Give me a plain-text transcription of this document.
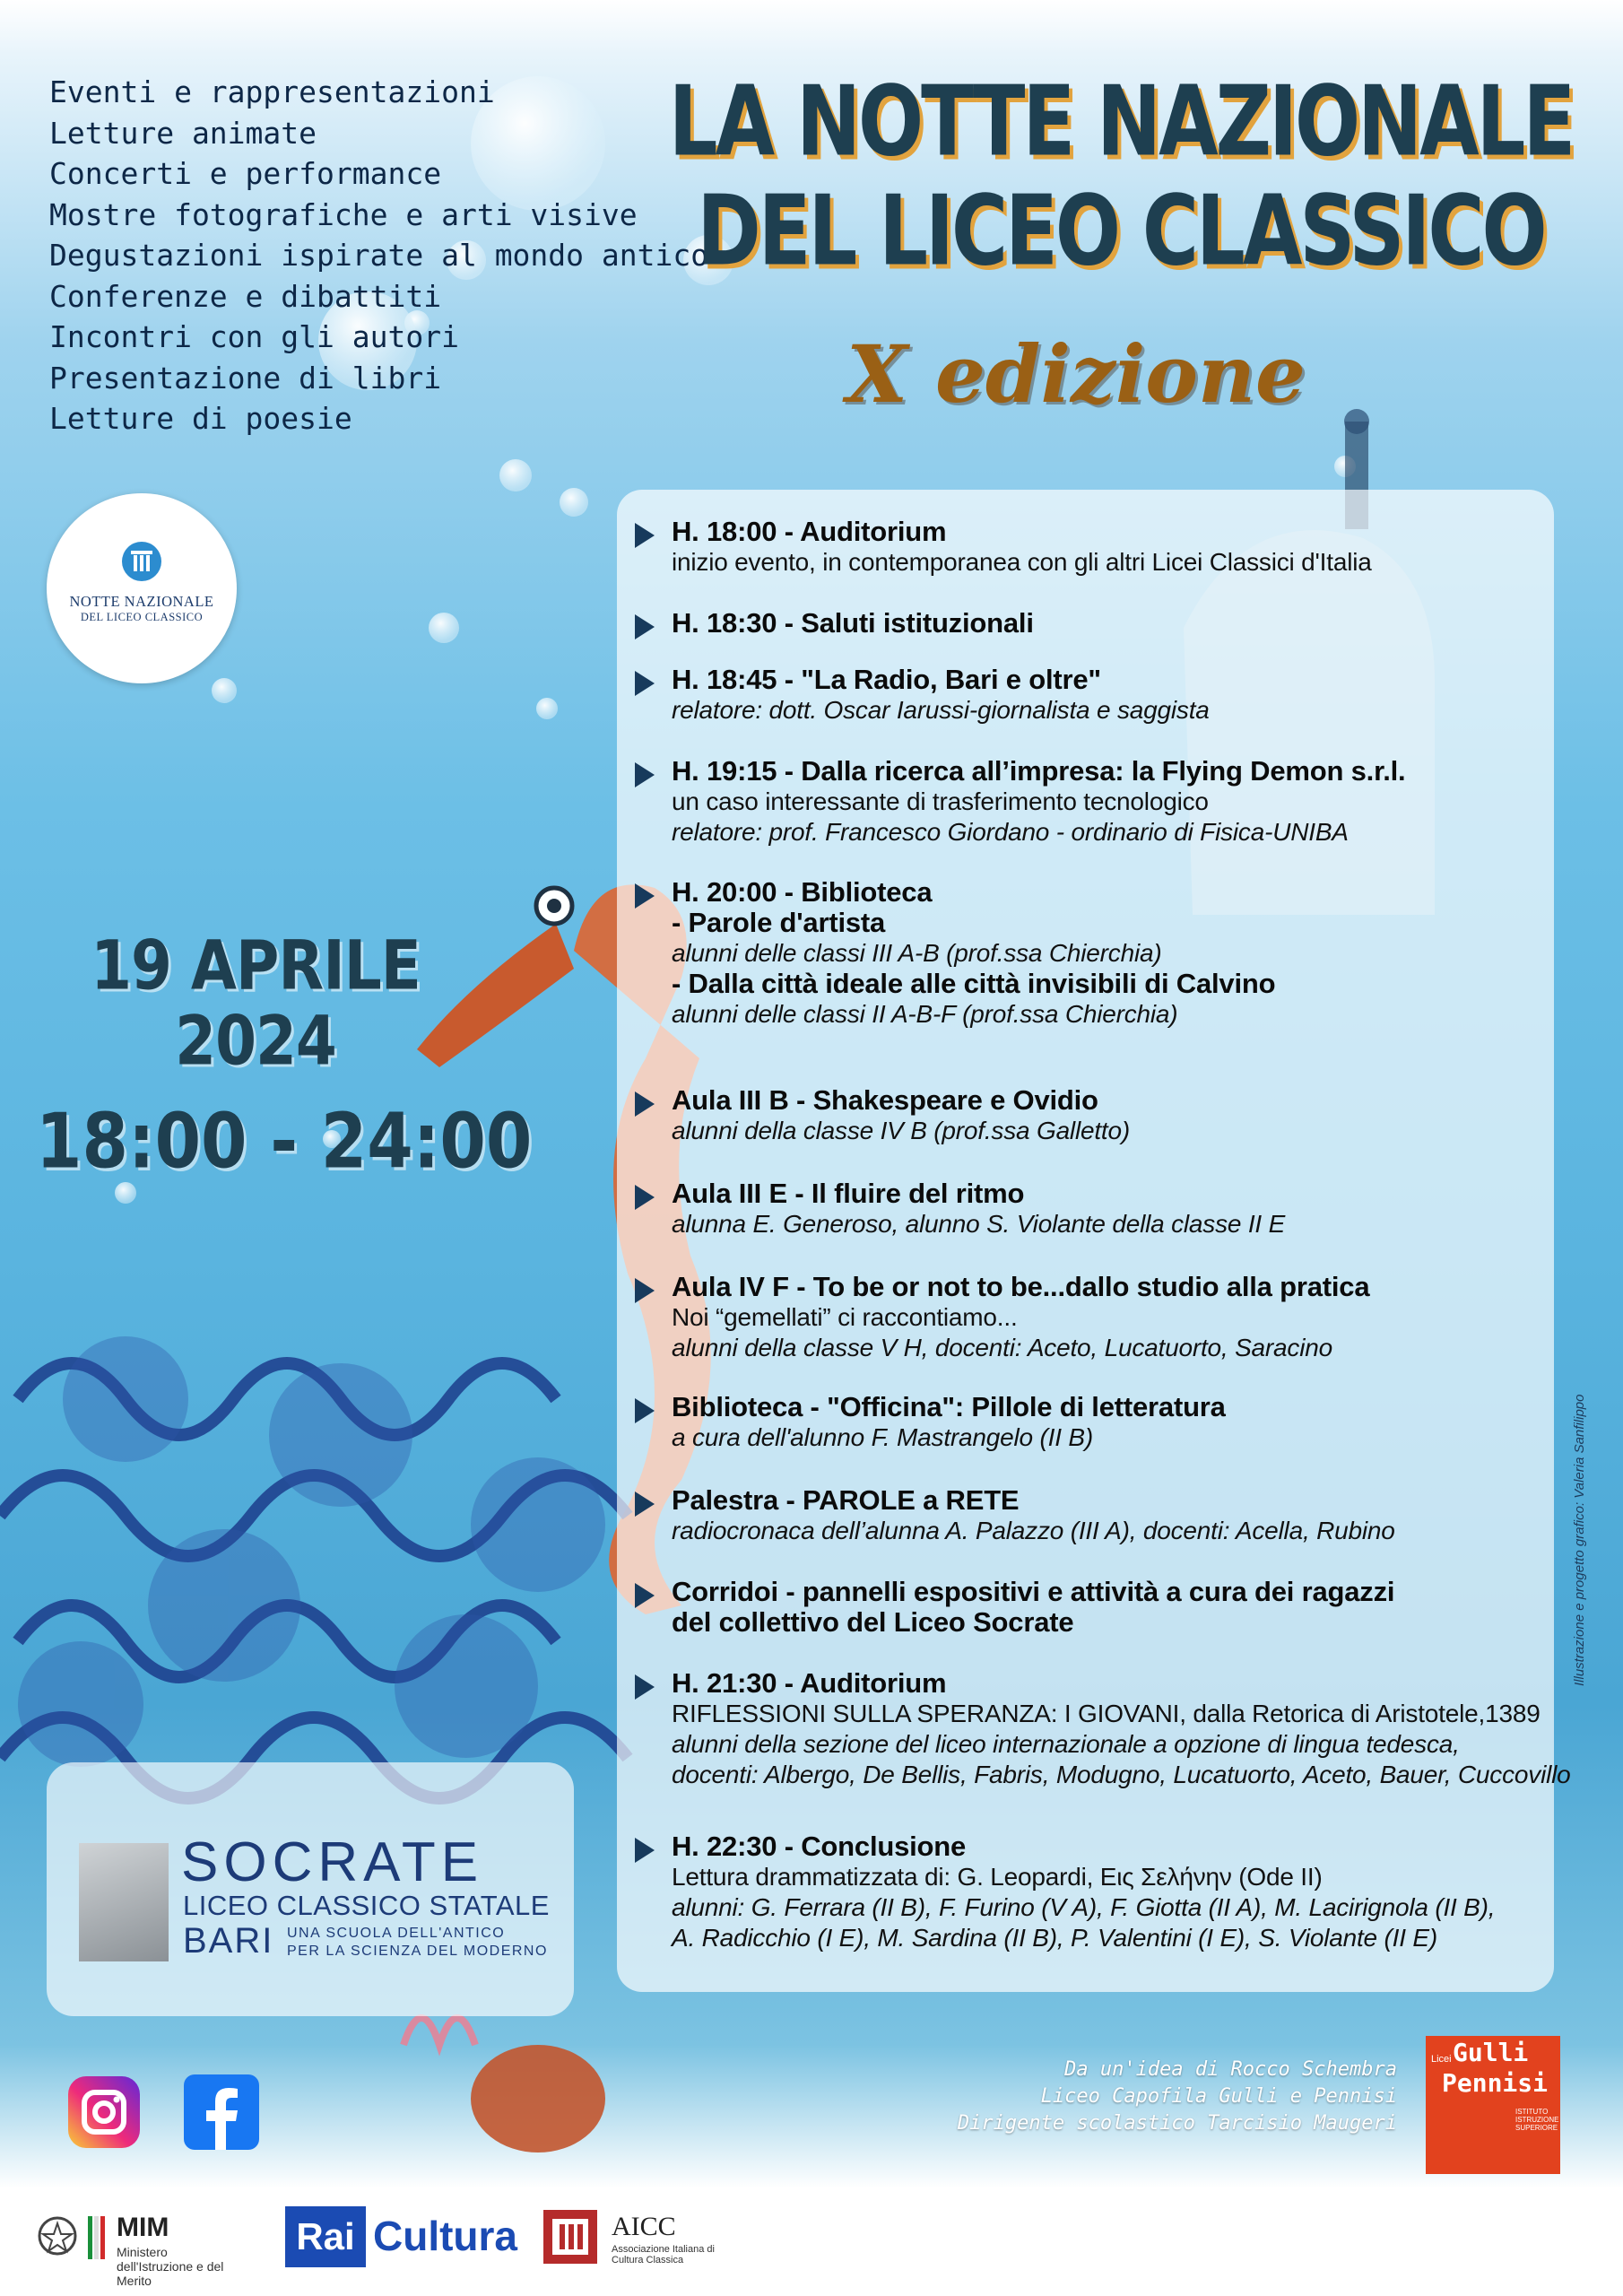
Eventi e rappresentazioni
Letture animate
Concerti e performance
Mostre fotografiche e arti visive
Degustazioni ispirate al mondo antico
Conferenze e dibattiti
Incontri con gli autori
Presentazione di libri
Letture di poesie
LA NOTTE NAZIONALE
DEL LICEO CLASSICO
X edizione
NOTTE NAZIONALE
DEL LICEO CLASSICO
19 APRILE
2024
18:00 - 24:00
H. 18:00 - Auditorium
inizio evento, in contemporanea con gli altri Licei Classici d'Italia
H. 18:30 - Saluti istituzionali
H. 18:45 - "La Radio, Bari e oltre"
relatore: dott. Oscar Iarussi-giornalista e saggista
H. 19:15 - Dalla ricerca all’impresa: la Flying Demon s.r.l.
un caso interessante di trasferimento tecnologico
relatore: prof. Francesco Giordano - ordinario di Fisica-UNIBA
H. 20:00 - Biblioteca
- Parole d'artista
alunni delle classi III A-B (prof.ssa Chierchia)
- Dalla città ideale alle città invisibili di Calvino
alunni delle classi II A-B-F (prof.ssa Chierchia)
Aula III B - Shakespeare e Ovidio
alunni della classe IV B (prof.ssa Galletto)
Aula III E - Il fluire del ritmo
alunna E. Generoso, alunno S. Violante della classe II E
Aula IV F - To be or not to be...dallo studio alla pratica
Noi “gemellati” ci raccontiamo...
alunni della classe V H, docenti: Aceto, Lucatuorto, Saracino
Biblioteca - "Officina": Pillole di letteratura
a cura dell'alunno F. Mastrangelo (II B)
Palestra - PAROLE a RETE
radiocronaca dell’alunna A. Palazzo (III A), docenti: Acella, Rubino
Corridoi - pannelli espositivi e attività a cura dei ragazzi
del collettivo del Liceo Socrate
H. 21:30 - Auditorium
RIFLESSIONI SULLA SPERANZA: I GIOVANI, dalla Retorica di Aristotele,1389
alunni della sezione del liceo internazionale a opzione di lingua tedesca,
docenti: Albergo, De Bellis, Fabris, Modugno, Lucatuorto, Aceto, Bauer, Cuccovillo
H. 22:30 - Conclusione
Lettura drammatizzata di: G. Leopardi, Εις Σελήνην (Ode II)
alunni: G. Ferrara (II B), F. Furino (V A), F. Giotta (II A), M. Lacirignola (II B),
A. Radicchio (I E), M. Sardina (II B), P. Valentini (I E), S. Violante (II E)
SOCRATE
LICEO CLASSICO STATALE
BARI UNA SCUOLA DELL'ANTICO
PER LA SCIENZA DEL MODERNO
Da un'idea di Rocco Schembra
Liceo Capofila Gulli e Pennisi
Dirigente scolastico Tarcisio Maugeri
Illustrazione e progetto grafico: Valeria Sanfilippo
Licei Gulli
Pennisi
ISTITUTO ISTRUZIONE SUPERIORE
MIM
Ministero dell'Istruzione e del Merito
Rai Cultura	AICC
Associazione Italiana di Cultura Classica
